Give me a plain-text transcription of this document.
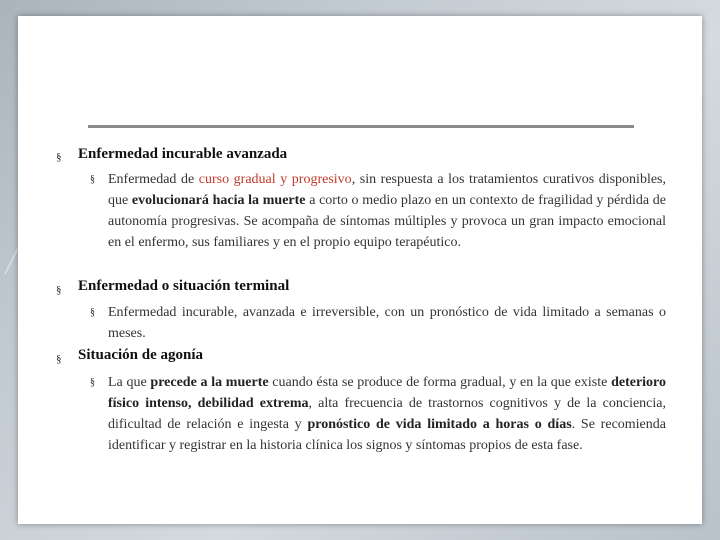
§ Enfermedad incurable avanzada
§ Enfermedad de curso gradual y progresivo, sin respuesta a los tratamientos curativos disponibles, que evolucionará hacia la muerte a corto o medio plazo en un contexto de fragilidad y pérdida de autonomía progresivas. Se acompaña de síntomas múltiples y provoca un gran impacto emocional en el enfermo, sus familiares y en el propio equipo terapéutico.
§ Enfermedad o situación terminal
§ Enfermedad incurable, avanzada e irreversible, con un pronóstico de vida limitado a semanas o meses.
§ Situación de agonía
§ La que precede a la muerte cuando ésta se produce de forma gradual, y en la que existe deterioro físico intenso, debilidad extrema, alta frecuencia de trastornos cognitivos y de la conciencia, dificultad de relación e ingesta y pronóstico de vida limitado a horas o días. Se recomienda identificar y registrar en la historia clínica los signos y síntomas propios de esta fase.
